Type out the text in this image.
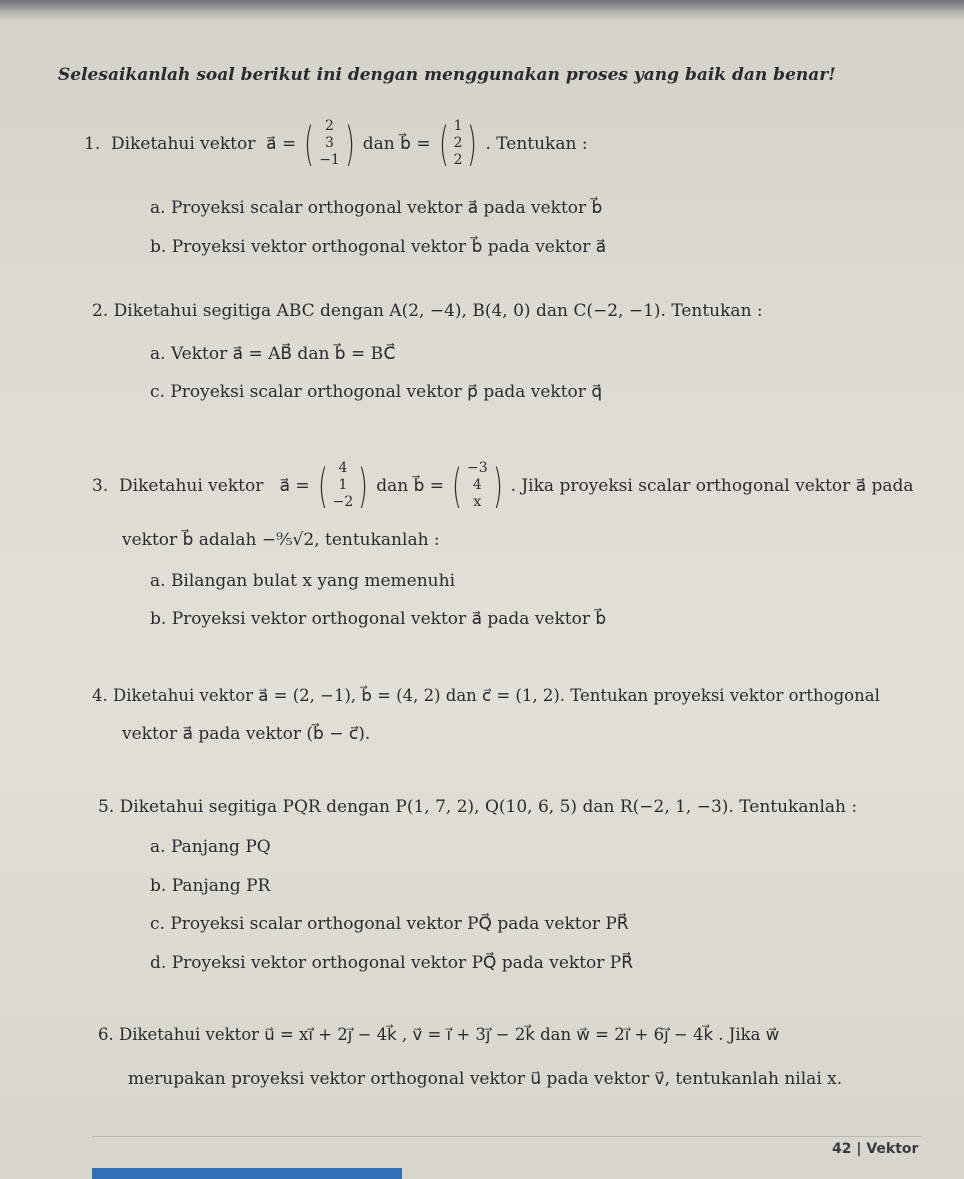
Selesaikanlah soal berikut ini dengan menggunakan proses yang baik dan benar!
1.
Diketahui vektor
a⃗ = ( 2
3
−1 ) dan
b⃗ = ( 1
2
2 ) . Tentukan :
a. Proyeksi scalar orthogonal vektor a⃗ pada vektor b⃗
b. Proyeksi vektor orthogonal vektor b⃗ pada vektor a⃗
2. Diketahui segitiga ABC dengan A(2, −4), B(4, 0) dan C(−2, −1). Tentukan :
a. Vektor a⃗ = AB⃗ dan b⃗ = BC⃗
c. Proyeksi scalar orthogonal vektor p⃗ pada vektor q⃗
3.
Diketahui vektor
a⃗ = ( 4
1
−2 ) dan
b⃗ = ( −3
4
x ) . Jika proyeksi scalar orthogonal vektor a⃗ pada
vektor b⃗ adalah −⁹⁄₅√2, tentukanlah :
a. Bilangan bulat x yang memenuhi
b. Proyeksi vektor orthogonal vektor a⃗ pada vektor b⃗
4. Diketahui vektor a⃗ = (2, −1), b⃗ = (4, 2) dan c⃗ = (1, 2). Tentukan proyeksi vektor orthogonal
vektor a⃗ pada vektor (b⃗ − c⃗).
5. Diketahui segitiga PQR dengan P(1, 7, 2), Q(10, 6, 5) dan R(−2, 1, −3). Tentukanlah :
a. Panjang PQ
b. Panjang PR
c. Proyeksi scalar orthogonal vektor PQ⃗ pada vektor PR⃗
d. Proyeksi vektor orthogonal vektor PQ⃗ pada vektor PR⃗
6. Diketahui vektor u⃗ = xi⃗ + 2j⃗ − 4k⃗ , v⃗ = i⃗ + 3j⃗ − 2k⃗ dan w⃗ = 2i⃗ + 6j⃗ − 4k⃗ . Jika w⃗
merupakan proyeksi vektor orthogonal vektor u⃗ pada vektor v⃗, tentukanlah nilai x.
42 | Vektor
